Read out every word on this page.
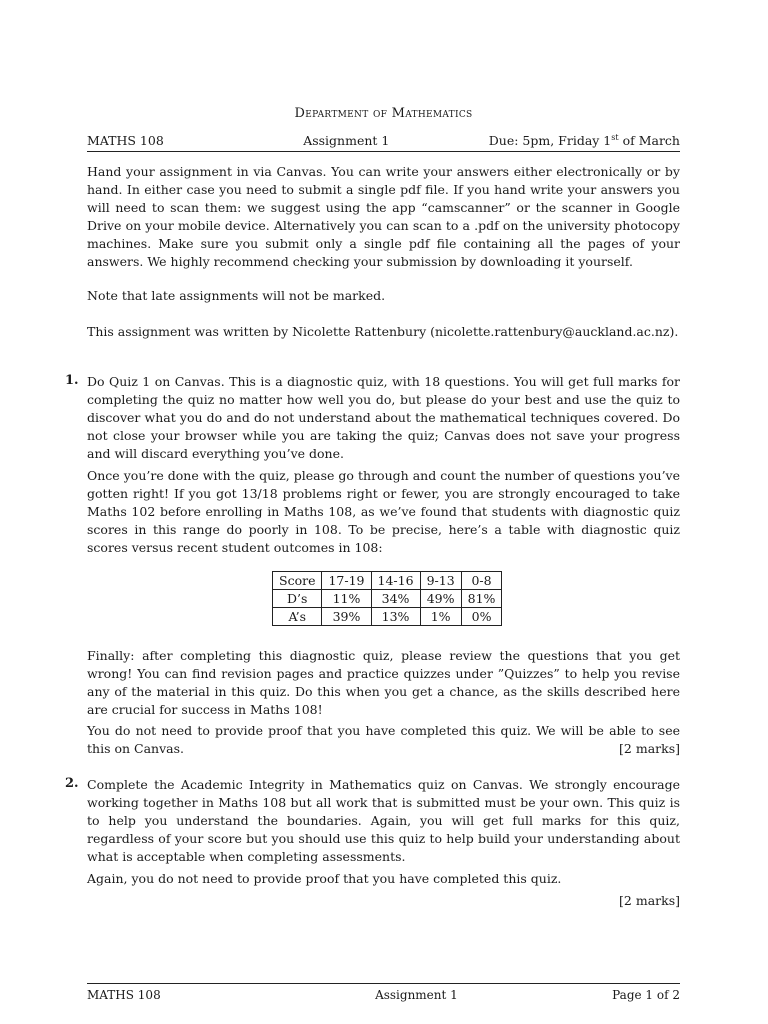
Department of Mathematics
MATHS 108	Assignment 1	Due: 5pm, Friday 1st of March
Hand your assignment in via Canvas. You can write your answers either electronically or by hand. In either case you need to submit a single pdf file. If you hand write your answers you will need to scan them: we suggest using the app “camscanner” or the scanner in Google Drive on your mobile device. Alternatively you can scan to a .pdf on the university photocopy machines. Make sure you submit only a single pdf file containing all the pages of your answers. We highly recommend checking your submission by downloading it yourself.
Note that late assignments will not be marked.
This assignment was written by Nicolette Rattenbury (nicolette.rattenbury@auckland.ac.nz).
1. Do Quiz 1 on Canvas. This is a diagnostic quiz, with 18 questions. You will get full marks for completing the quiz no matter how well you do, but please do your best and use the quiz to discover what you do and do not understand about the mathematical techniques covered. Do not close your browser while you are taking the quiz; Canvas does not save your progress and will discard everything you’ve done.
Once you’re done with the quiz, please go through and count the number of questions you’ve gotten right! If you got 13/18 problems right or fewer, you are strongly encouraged to take Maths 102 before enrolling in Maths 108, as we’ve found that students with diagnostic quiz scores in this range do poorly in 108. To be precise, here’s a table with diagnostic quiz scores versus recent student outcomes in 108:
Score	17-19	14-16	9-13	0-8
D’s	11%	34%	49%	81%
A’s	39%	13%	1%	0%
Finally: after completing this diagnostic quiz, please review the questions that you get wrong! You can find revision pages and practice quizzes under ”Quizzes” to help you revise any of the material in this quiz. Do this when you get a chance, as the skills described here are crucial for success in Maths 108!
You do not need to provide proof that you have completed this quiz. We will be able to see this on Canvas.	[2 marks]
2. Complete the Academic Integrity in Mathematics quiz on Canvas. We strongly encourage working together in Maths 108 but all work that is submitted must be your own. This quiz is to help you understand the boundaries. Again, you will get full marks for this quiz, regardless of your score but you should use this quiz to help build your understanding about what is acceptable when completing assessments.
Again, you do not need to provide proof that you have completed this quiz.
[2 marks]
MATHS 108	Assignment 1	Page 1 of 2
